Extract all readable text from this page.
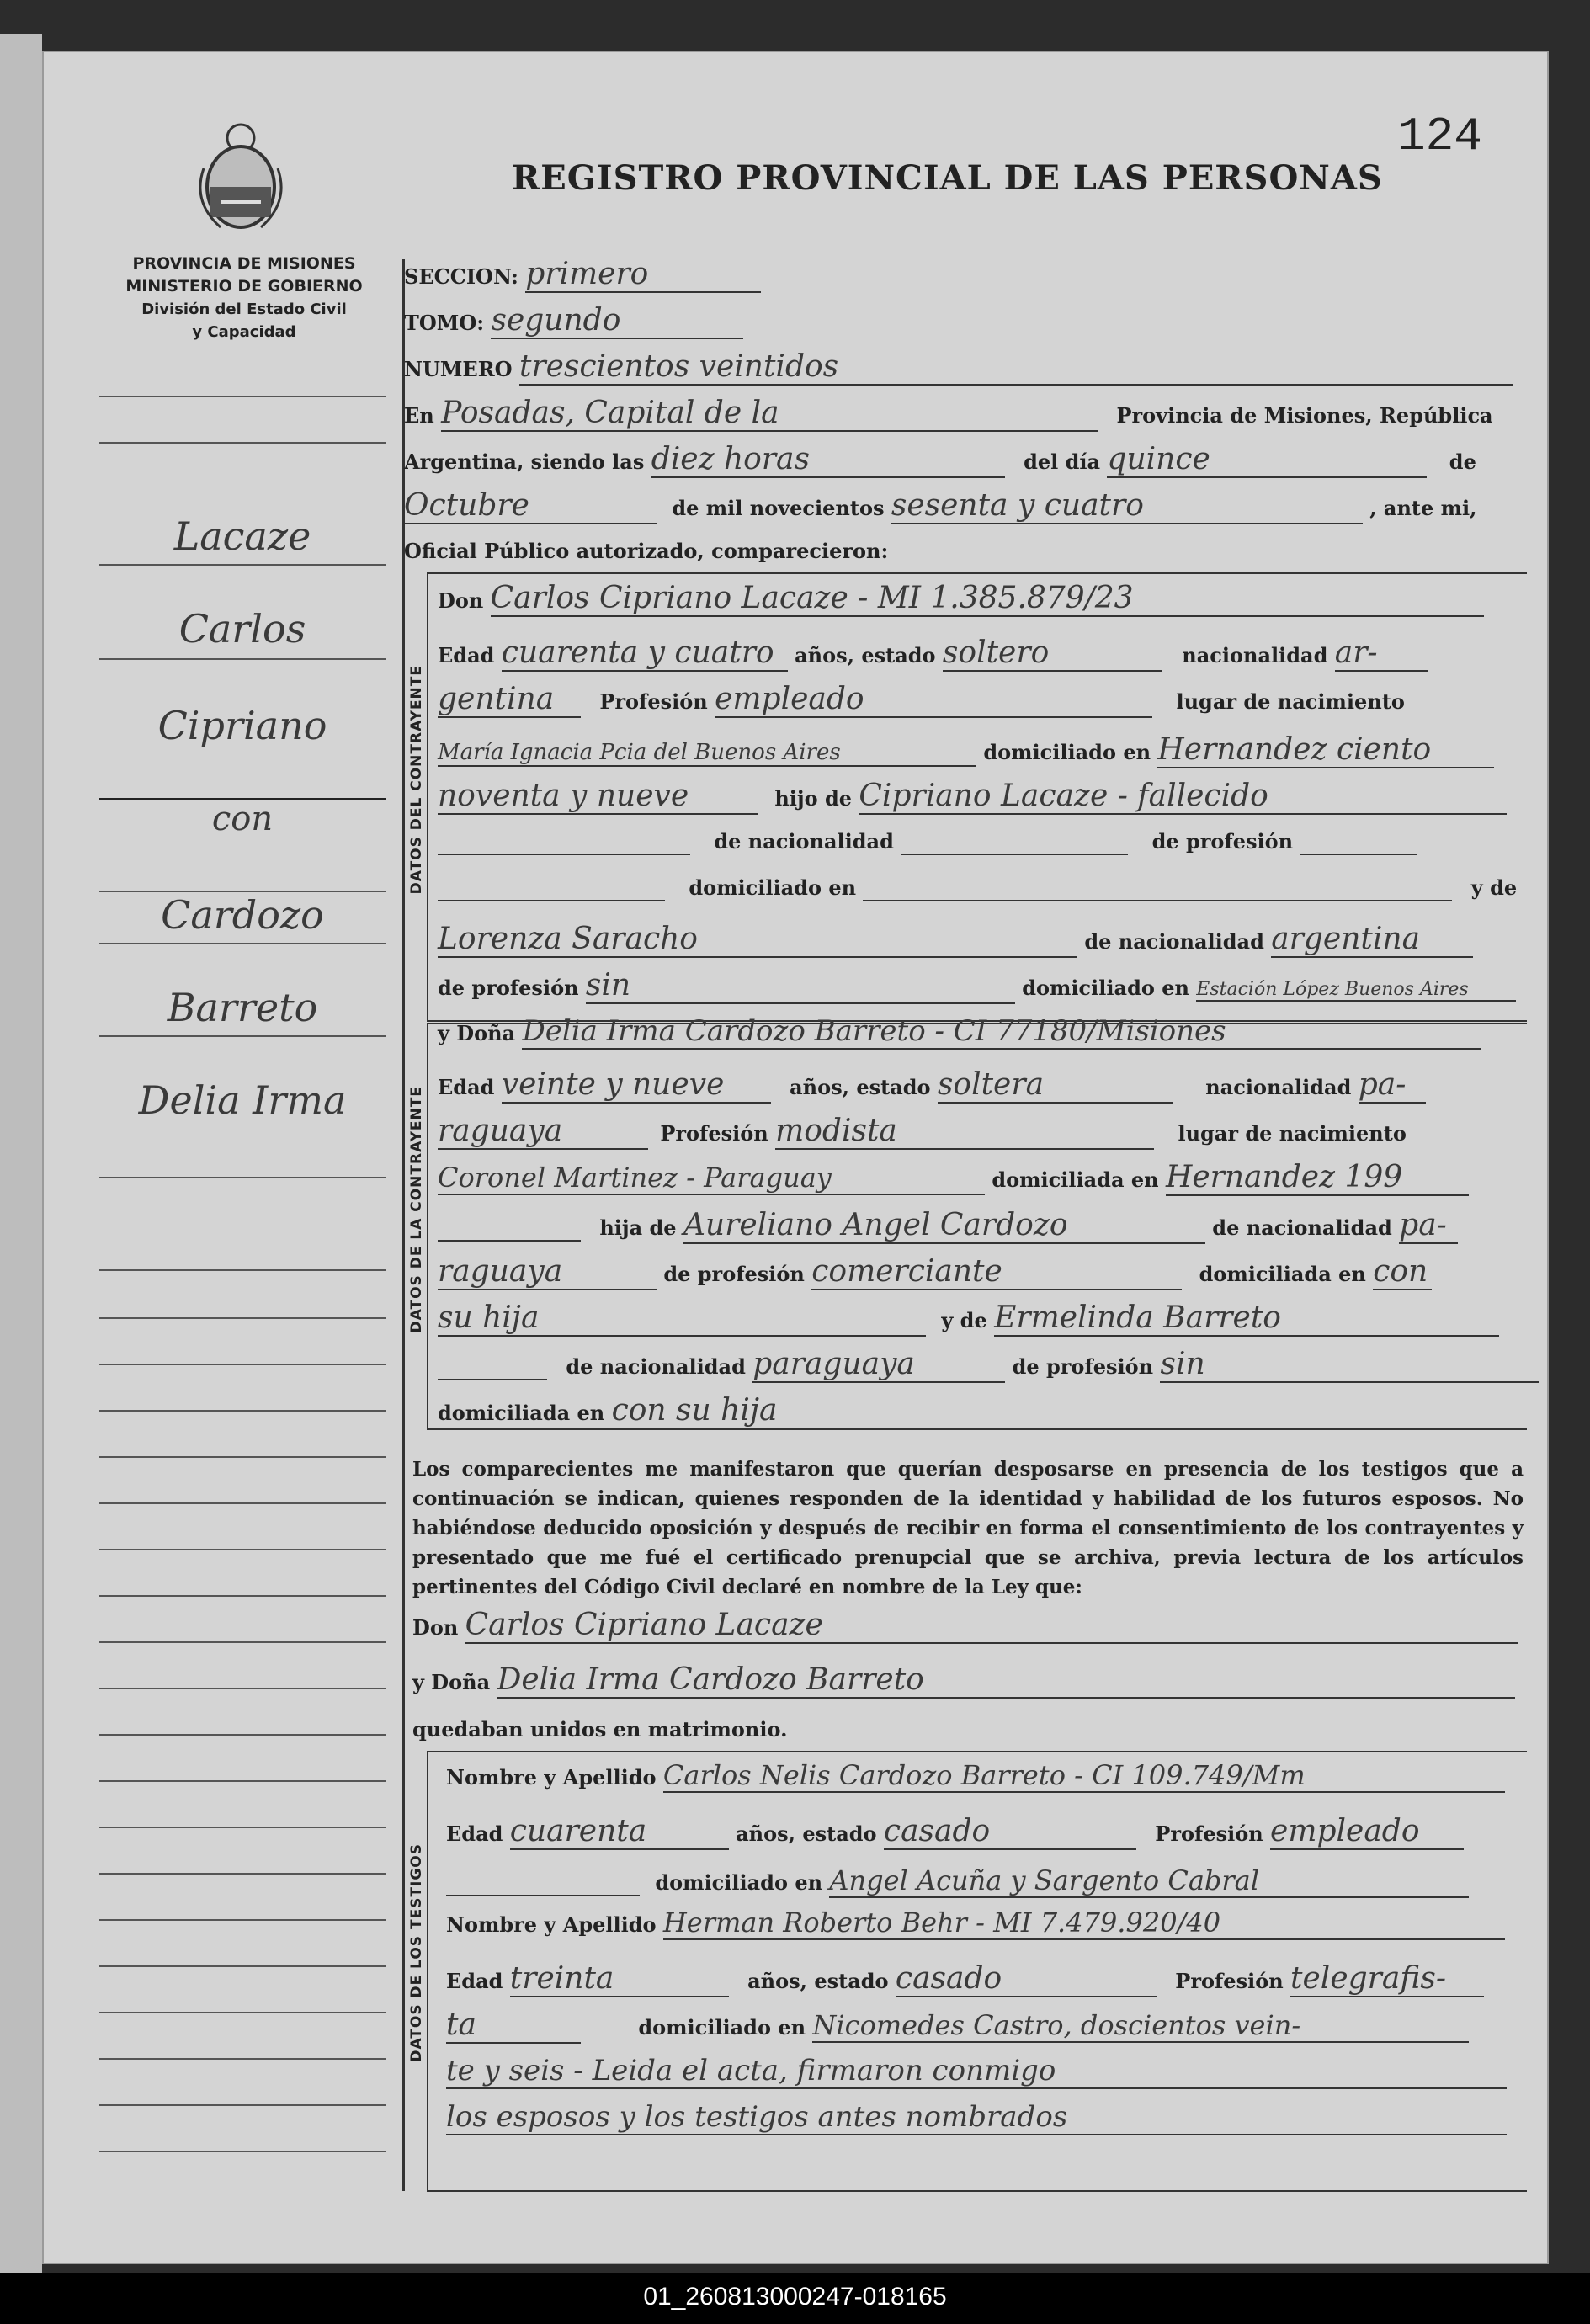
124
REGISTRO PROVINCIAL DE LAS PERSONAS
PROVINCIA DE MISIONES
MINISTERIO DE GOBIERNO
División del Estado Civil
y Capacidad
Lacaze
Carlos
Cipriano
con
Cardozo
Barreto
Delia Irma
SECCION: primero
TOMO: segundo
NUMERO trescientos veintidos
En Posadas, Capital de la	Provincia de Misiones, República
Argentina, siendo las diez horas	del día quince	de
Octubre	de mil novecientos sesenta y cuatro	, ante mi,
Oficial Público autorizado, comparecieron:
DATOS DEL CONTRAYENTE
Don Carlos Cipriano Lacaze - MI 1.385.879/23
Edad cuarenta y cuatro años, estado soltero	nacionalidad ar-
gentina Profesión empleado	lugar de nacimiento
María Ignacia Pcia del Buenos Aires	domiciliado en Hernandez ciento
noventa y nueve	hijo de Cipriano Lacaze - fallecido
de nacionalidad	de profesión
domiciliado en	y de
Lorenza Saracho	de nacionalidad argentina
de profesión sin	domiciliado en Estación López Buenos Aires
DATOS DE LA CONTRAYENTE
y Doña Delia Irma Cardozo Barreto - CI 77180/Misiones
Edad veinte y nueve	años, estado soltera	nacionalidad pa-
raguaya	Profesión modista	lugar de nacimiento
Coronel Martinez - Paraguay	domiciliada en Hernandez 199
hija de Aureliano Angel Cardozo	de nacionalidad pa-
raguaya	de profesión comerciante	domiciliada en con
su hija	y de Ermelinda Barreto
de nacionalidad paraguaya	de profesión sin
domiciliada en con su hija
Los comparecientes me manifestaron que querían desposarse en presencia de los testigos que a continuación se indican, quienes responden de la identidad y habilidad de los futuros esposos. No habiéndose deducido oposición y después de recibir en forma el consentimiento de los contrayentes y presentado que me fué el certificado prenupcial que se archiva, previa lectura de los artículos pertinentes del Código Civil declaré en nombre de la Ley que:
Don Carlos Cipriano Lacaze
y Doña Delia Irma Cardozo Barreto
quedaban unidos en matrimonio.
DATOS DE LOS TESTIGOS
Nombre y Apellido Carlos Nelis Cardozo Barreto - CI 109.749/Mm
Edad cuarenta	años, estado casado	Profesión empleado
domiciliado en Angel Acuña y Sargento Cabral
Nombre y Apellido Herman Roberto Behr - MI 7.479.920/40
Edad treinta	años, estado casado	Profesión telegrafis-
ta	domiciliado en Nicomedes Castro, doscientos vein-
te y seis - Leida el acta, firmaron conmigo
los esposos y los testigos antes nombrados
01_260813000247-018165
